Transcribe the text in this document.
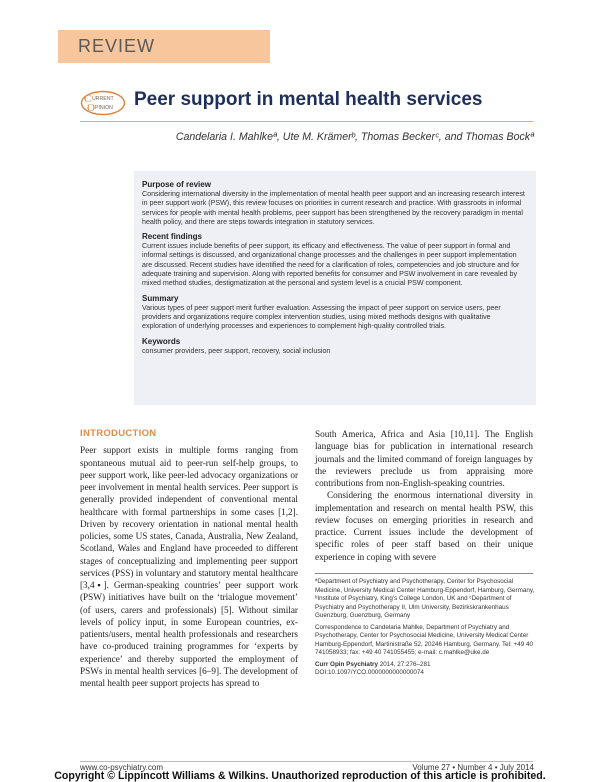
REVIEW
C URRENT
O PINION Peer support in mental health services
Candelaria I. Mahlkeª, Ute M. Krämerᵇ, Thomas Beckerᶜ, and Thomas Bockª
Purpose of review

Considering international diversity in the implementation of mental health peer support and an increasing research interest in peer support work (PSW), this review focuses on priorities in current research and practice. With grassroots in informal services for people with mental health problems, peer support has been strengthened by the recovery paradigm in mental health policy, and there are steps towards integration in statutory services.

Recent findings

Current issues include benefits of peer support, its efficacy and effectiveness. The value of peer support in formal and informal settings is discussed, and organizational change processes and the challenges in peer support implementation are discussed. Recent studies have identified the need for a clarification of roles, competencies and job structure and for adequate training and supervision. Along with reported benefits for consumer and PSW involvement in care revealed by mixed method studies, destigmatization at the personal and system level is a crucial PSW component.

Summary

Various types of peer support merit further evaluation. Assessing the impact of peer support on service users, peer providers and organizations require complex intervention studies, using mixed methods designs with qualitative exploration of underlying processes and experiences to complement high-quality controlled trials.

Keywords

consumer providers, peer support, recovery, social inclusion

INTRODUCTION

Peer support exists in multiple forms ranging from spontaneous mutual aid to peer-run self-help groups, to peer support work, like peer-led advocacy organizations or peer involvement in mental health services. Peer support is generally provided independent of conventional mental healthcare with formal partnerships in some cases [1,2]. Driven by recovery orientation in national mental health policies, some US states, Canada, Australia, New Zealand, Scotland, Wales and England have proceeded to different stages of conceptualizing and implementing peer support services (PSS) in voluntary and statutory mental healthcare [3,4▪]. German-speaking countries’ peer support work (PSW) initiatives have built on the ‘trialogue movement’ (of users, carers and professionals) [5]. Without similar levels of policy input, in some European countries, ex-patients/users, mental health professionals and researchers have co-produced training programmes for ‘experts by experience’ and thereby supported the employment of PSWs in mental health services [6–9]. The development of mental health peer support projects has spread to

South America, Africa and Asia [10,11]. The English language bias for publication in international research journals and the limited command of foreign languages by the reviewers preclude us from appraising more contributions from non-English-speaking countries.

Considering the enormous international diversity in implementation and research on mental health PSW, this review focuses on emerging priorities in research and practice. Current issues include the development of specific roles of peer staff based on their unique experience in coping with severe

ªDepartment of Psychiatry and Psychotherapy, Center for Psychosocial Medicine, University Medical Center Hamburg-Eppendorf, Hamburg, Germany, ᵇInstitute of Psychiatry, King’s College London, UK and ᶜDepartment of Psychiatry and Psychotherapy II, Ulm University, Bezirkskrankenhaus Guenzburg, Guenzburg, Germany

Correspondence to Candelaria Mahlke, Department of Psychiatry and Psychotherapy, Center for Psychosocial Medicine, University Medical Center Hamburg-Eppendorf, Martinistraße 52, 20246 Hamburg, Germany. Tel: +49 40 741058933; fax: +49 40 741055455; e-mail: c.mahlke@uke.de

Curr Opin Psychiatry 2014, 27:276–281

DOI:10.1097/YCO.0000000000000074

www.co-psychiatry.com	Volume 27 • Number 4 • July 2014
Copyright © Lippincott Williams & Wilkins. Unauthorized reproduction of this article is prohibited.
